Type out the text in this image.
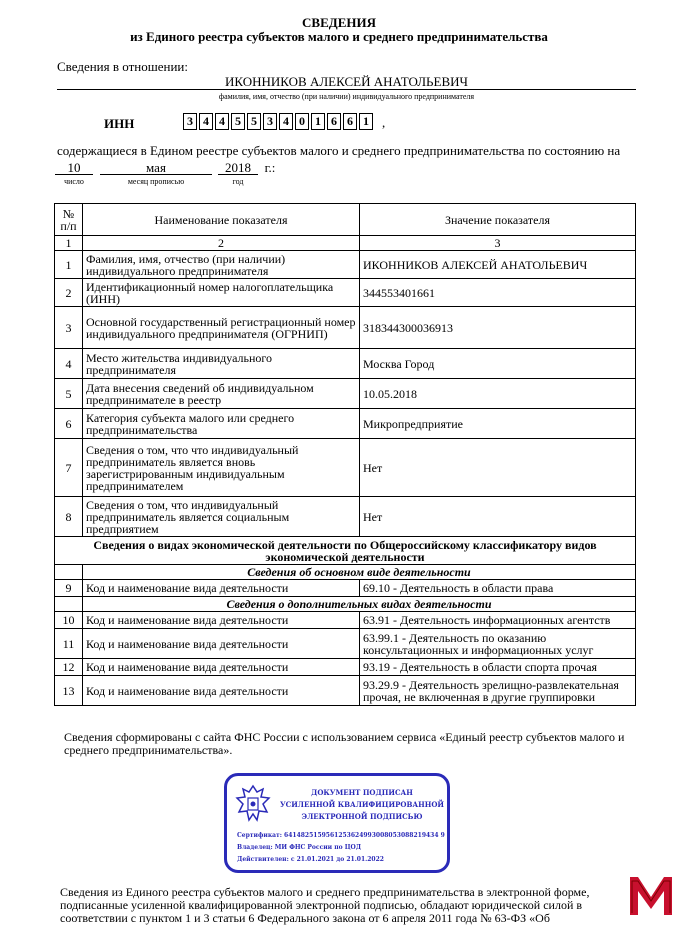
СВЕДЕНИЯ
из Единого реестра субъектов малого и среднего предпринимательства
Сведения в отношении:
ИКОННИКОВ АЛЕКСЕЙ АНАТОЛЬЕВИЧ
фамилия, имя, отчество (при наличии) индивидуального предпринимателя
ИНН	3 4 4 5 5 3 4 0 1 6 6 1	,
содержащиеся в Едином реестре субъектов малого и среднего предпринимательства по состоянию на
10
число
мая
месяц прописью
2018
год
г.:
№ п/п	Наименование показателя	Значение показателя
1	2	3
1	Фамилия, имя, отчество (при наличии) индивидуального предпринимателя	ИКОННИКОВ АЛЕКСЕЙ АНАТОЛЬЕВИЧ
2	Идентификационный номер налогоплательщика (ИНН)	344553401661
3	Основной государственный регистрационный номер индивидуального предпринимателя (ОГРНИП)	318344300036913
4	Место жительства индивидуального предпринимателя	Москва Город
5	Дата внесения сведений об индивидуальном предпринимателе в реестр	10.05.2018
6	Категория субъекта малого или среднего предпринимательства	Микропредприятие
7	Сведения о том, что что индивидуальный предприниматель является вновь зарегистрированным индивидуальным предпринимателем	Нет
8	Сведения о том, что индивидуальный предприниматель является социальным предприятием	Нет
Сведения о видах экономической деятельности по Общероссийскому классификатору видов экономической деятельности		
	Сведения об основном виде деятельности	
9	Код и наименование вида деятельности	69.10 - Деятельность в области права
	Сведения о дополнительных видах деятельности	
10	Код и наименование вида деятельности	63.91 - Деятельность информационных агентств
11	Код и наименование вида деятельности	63.99.1 - Деятельность по оказанию консультационных и информационных услуг
12	Код и наименование вида деятельности	93.19 - Деятельность в области спорта прочая
13	Код и наименование вида деятельности	93.29.9 - Деятельность зрелищно-развлекательная прочая, не включенная в другие группировки
Сведения сформированы с сайта ФНС России с использованием сервиса «Единый реестр субъектов малого и среднего предпринимательства».
ДОКУМЕНТ ПОДПИСАН
УСИЛЕННОЙ КВАЛИФИЦИРОВАННОЙ
ЭЛЕКТРОННОЙ ПОДПИСЬЮ
Сертификат: 6414825159561253624993008053088219434 9
Владелец: МИ ФНС России по ЦОД
Действителен: с 21.01.2021 до 21.01.2022
Сведения из Единого реестра субъектов малого и среднего предпринимательства в электронной форме, подписанные усиленной квалифицированной электронной подписью, обладают юридической силой в соответствии с пунктом 1 и 3 статьи 6 Федерального закона от 6 апреля 2011 года № 63-ФЗ «Об
